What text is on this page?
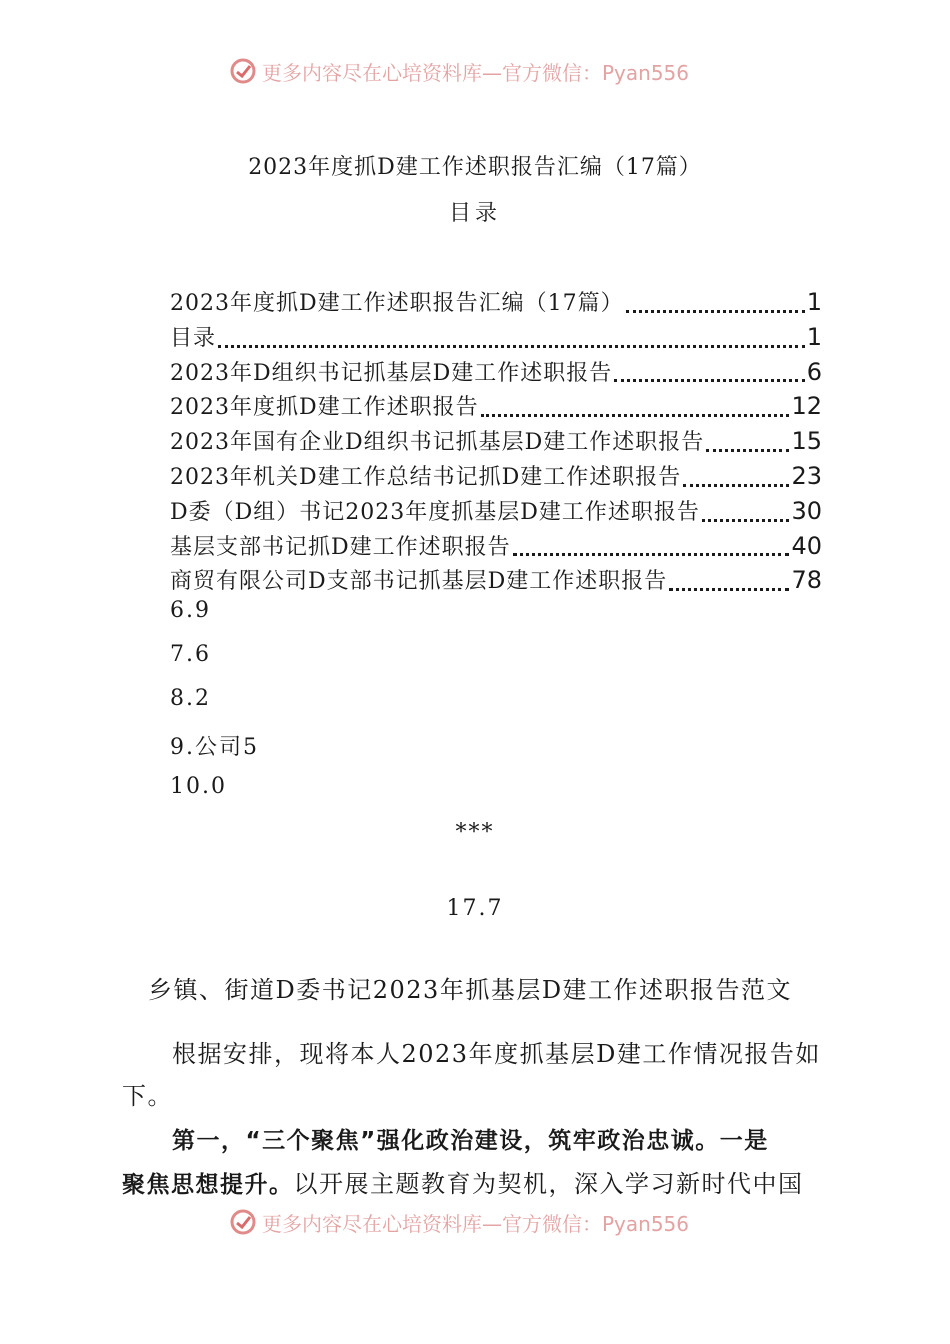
更多内容尽在心培资料库—官方微信：Pyan556
2023年度抓D建工作述职报告汇编（17篇）
目录
2023年度抓D建工作述职报告汇编（17篇）	1
目录	1
2023年D组织书记抓基层D建工作述职报告	6
2023年度抓D建工作述职报告	12
2023年国有企业D组织书记抓基层D建工作述职报告	15
2023年机关D建工作总结书记抓D建工作述职报告	23
D委（D组）书记2023年度抓基层D建工作述职报告	30
基层支部书记抓D建工作述职报告	40
商贸有限公司D支部书记抓基层D建工作述职报告	78
6.9
7.6
8.2
9.公司5
10.0
***
17.7
乡镇、街道D委书记2023年抓基层D建工作述职报告范文
根据安排，现将本人2023年度抓基层D建工作情况报告如
下。
第一，“三个聚焦”强化政治建设，筑牢政治忠诚。一是
聚焦思想提升。以开展主题教育为契机，深入学习新时代中国
更多内容尽在心培资料库—官方微信：Pyan556
